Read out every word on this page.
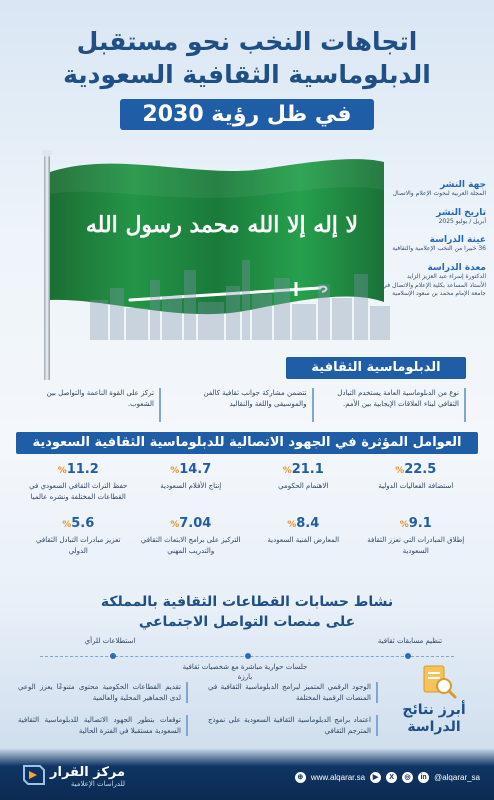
اتجاهات النخب نحو مستقبل
الدبلوماسية الثقافية السعودية
في ظل رؤية 2030
لا إله إلا الله محمد رسول الله
جهة النشر
المجلة العربية لبحوث الإعلام والاتصال
تاريخ النشر
أبريل / يوليو 2025
عينة الدراسة
36 خبيرا من النخب الإعلامية والثقافية
معدة الدراسة
الدكتورة إسراء عبد العزيز الزايد
الأستاذ المساعد بكلية الإعلام والاتصال في جامعة الإمام محمد بن سعود الإسلامية
الدبلوماسية الثقافية
نوع من الدبلوماسية العامة يستخدم التبادل الثقافي لبناء العلاقات الإيجابية بين الأمم.
تتضمن مشاركة جوانب ثقافية كالفن والموسيقى واللغة والتقاليد
تركز على القوة الناعمة والتواصل بين الشعوب.
العوامل المؤثرة في الجهود الاتصالية للدبلوماسية الثقافية السعودية
%22.5
استضافة الفعاليات الدولية
%21.1
الاهتمام الحكومي
%14.7
إنتاج الأفلام السعودية
%11.2
حفظ التراث الثقافي السعودي في القطاعات المختلفة ونشره عالميا
%9.1
إطلاق المبادرات التي تعزز الثقافة السعودية
%8.4
المعارض الفنية السعودية
%7.04
التركيز على برامج الابتعاث الثقافي والتدريب المهني
%5.6
تعزيز مبادرات التبادل الثقافي الدولي
نشاط حسابات القطاعات الثقافية بالمملكة
على منصات التواصل الاجتماعي
تنظيم مسابقات ثقافية
جلسات حوارية مباشرة مع شخصيات ثقافية بارزة
استطلاعات للرأي
أبرز نتائج
الدراسة
الوجود الرقمي المتميز لبرامج الدبلوماسية الثقافية في المنصات الرقمية المختلفة
تقديم القطاعات الحكومية محتوى متنوعًا يعزز الوعي لدى الجماهير المحلية والعالمية
اعتماد برامج الدبلوماسية الثقافية السعودية على نموذج المترجم الثقافي
توقعات بتطور الجهود الاتصالية للدبلوماسية الثقافية السعودية مستقبلا في الفترة الحالية
مركز القرار
للدراسات الإعلامية
⊕ www.alqarar.sa	▶	X	◎	in @alqarar_sa
